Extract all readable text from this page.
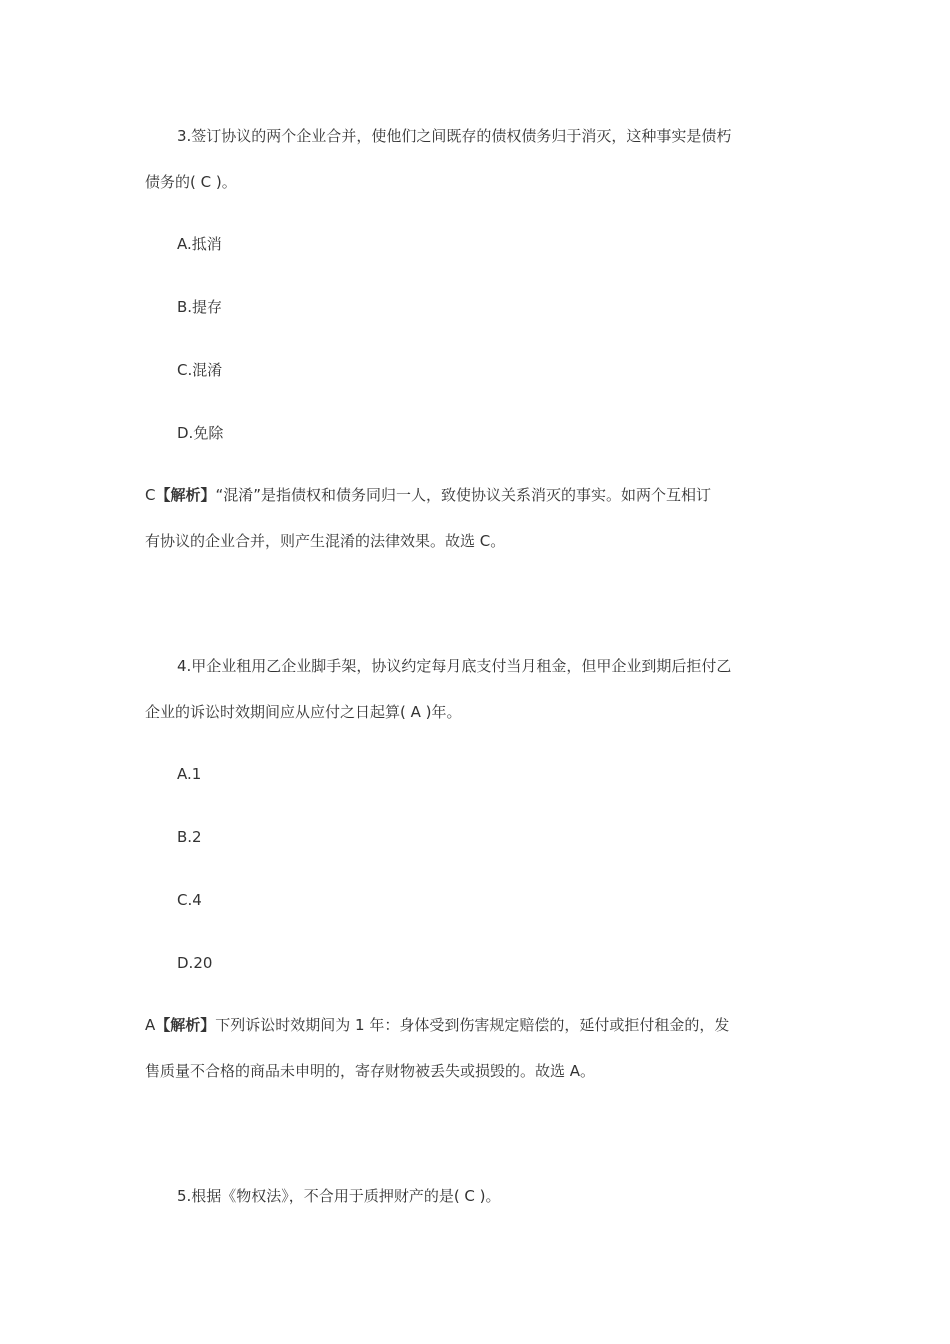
3.签订协议的两个企业合并，使他们之间既存的债权债务归于消灭，这种事实是债朽
债务的( C )。
A.抵消
B.提存
C.混淆
D.免除
C【解析】“混淆”是指债权和债务同归一人，致使协议关系消灭的事实。如两个互相订
有协议的企业合并，则产生混淆的法律效果。故选 C。
4.甲企业租用乙企业脚手架，协议约定每月底支付当月租金，但甲企业到期后拒付乙
企业的诉讼时效期间应从应付之日起算( A )年。
A.1
B.2
C.4
D.20
A【解析】下列诉讼时效期间为 1 年：身体受到伤害规定赔偿的，延付或拒付租金的，发
售质量不合格的商品未申明的，寄存财物被丢失或损毁的。故选 A。
5.根据《物权法》，不合用于质押财产的是( C )。
